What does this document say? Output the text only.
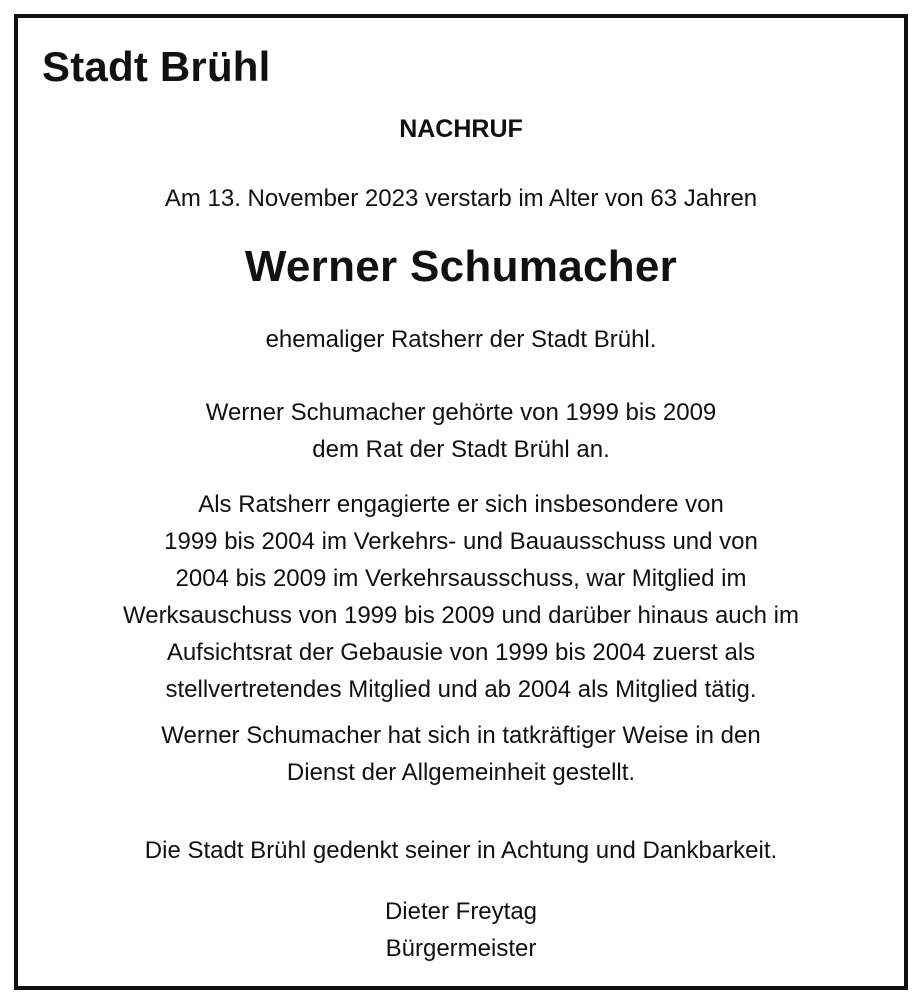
Stadt Brühl

NACHRUF

Am 13. November 2023 verstarb im Alter von 63 Jahren

Werner Schumacher

ehemaliger Ratsherr der Stadt Brühl.

Werner Schumacher gehörte von 1999 bis 2009
dem Rat der Stadt Brühl an.

Als Ratsherr engagierte er sich insbesondere von
1999 bis 2004 im Verkehrs- und Bauausschuss und von
2004 bis 2009 im Verkehrsausschuss, war Mitglied im
Werksauschuss von 1999 bis 2009 und darüber hinaus auch im
Aufsichtsrat der Gebausie von 1999 bis 2004 zuerst als
stellvertretendes Mitglied und ab 2004 als Mitglied tätig.

Werner Schumacher hat sich in tatkräftiger Weise in den
Dienst der Allgemeinheit gestellt.

Die Stadt Brühl gedenkt seiner in Achtung und Dankbarkeit.

Dieter Freytag
Bürgermeister
